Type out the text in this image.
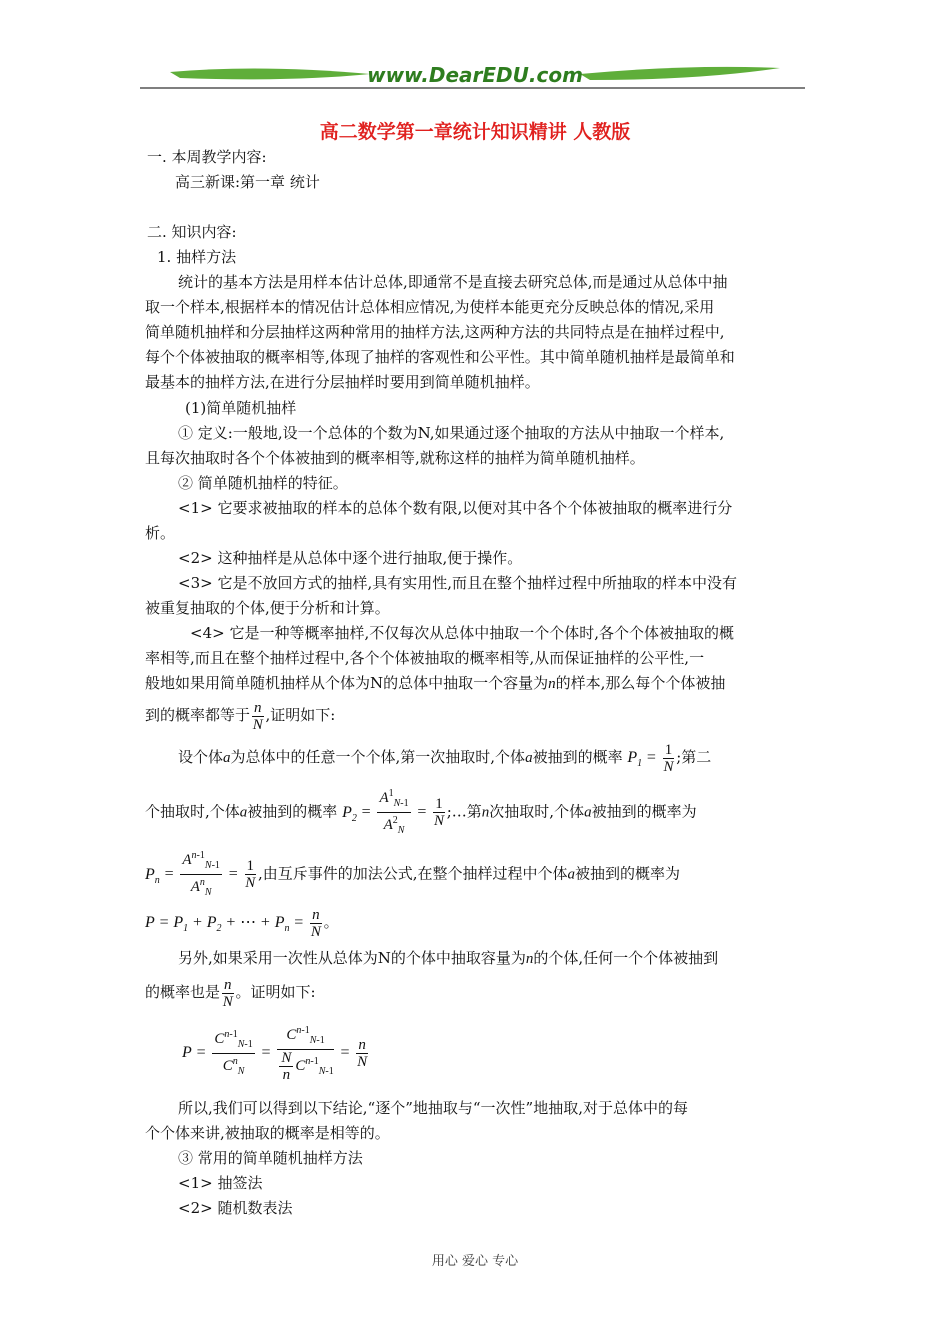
www.DearEDU.com
高二数学第一章统计知识精讲 人教版
一. 本周教学内容:
高三新课:第一章 统计
二. 知识内容:
1. 抽样方法
统计的基本方法是用样本估计总体,即通常不是直接去研究总体,而是通过从总体中抽
取一个样本,根据样本的情况估计总体相应情况,为使样本能更充分反映总体的情况,采用
简单随机抽样和分层抽样这两种常用的抽样方法,这两种方法的共同特点是在抽样过程中,
每个个体被抽取的概率相等,体现了抽样的客观性和公平性。其中简单随机抽样是最简单和
最基本的抽样方法,在进行分层抽样时要用到简单随机抽样。
(1)简单随机抽样
① 定义:一般地,设一个总体的个数为N,如果通过逐个抽取的方法从中抽取一个样本,
且每次抽取时各个个体被抽到的概率相等,就称这样的抽样为简单随机抽样。
② 简单随机抽样的特征。
<1> 它要求被抽取的样本的总体个数有限,以便对其中各个个体被抽取的概率进行分
析。
<2> 这种抽样是从总体中逐个进行抽取,便于操作。
<3> 它是不放回方式的抽样,具有实用性,而且在整个抽样过程中所抽取的样本中没有
被重复抽取的个体,便于分析和计算。
<4> 它是一种等概率抽样,不仅每次从总体中抽取一个个体时,各个个体被抽取的概
率相等,而且在整个抽样过程中,各个个体被抽取的概率相等,从而保证抽样的公平性,一
般地如果用简单随机抽样从个体为N的总体中抽取一个容量为n的样本,那么每个个体被抽
到的概率都等于 $\frac{n}{N}$ ,证明如下:
设个体a为总体中的任意一个个体,第一次抽取时,个体a被抽到的概率 $P_1 = \frac{1}{N}$ ;第二
个抽取时,个体a被抽到的概率 $P_2 = \frac{A^1_{N-1}}{A^2_N} = \frac{1}{N}$ ;…第n次抽取时,个体a被抽到的概率为
$P_n = \frac{A^{n-1}_{N-1}}{A^n_N} = \frac{1}{N}$ ,由互斥事件的加法公式,在整个抽样过程中个体a被抽到的概率为
$P = P_1 + P_2$ + ⋯ + $P_n = \frac{n}{N}$ 。
另外,如果采用一次性从总体为N的个体中抽取容量为n的个体,任何一个个体被抽到
的概率也是 $\frac{n}{N}$ 。证明如下:
$P = \frac{C^{n-1}_{N-1}}{C^n_N} = \frac{C^{n-1}_{N-1}}{\frac{N}{n} C^{n-1}_{N-1}} = \frac{n}{N}$
所以,我们可以得到以下结论,“逐个”地抽取与“一次性”地抽取,对于总体中的每
个个体来讲,被抽取的概率是相等的。
③ 常用的简单随机抽样方法
<1> 抽签法
<2> 随机数表法
用心 爱心 专心
